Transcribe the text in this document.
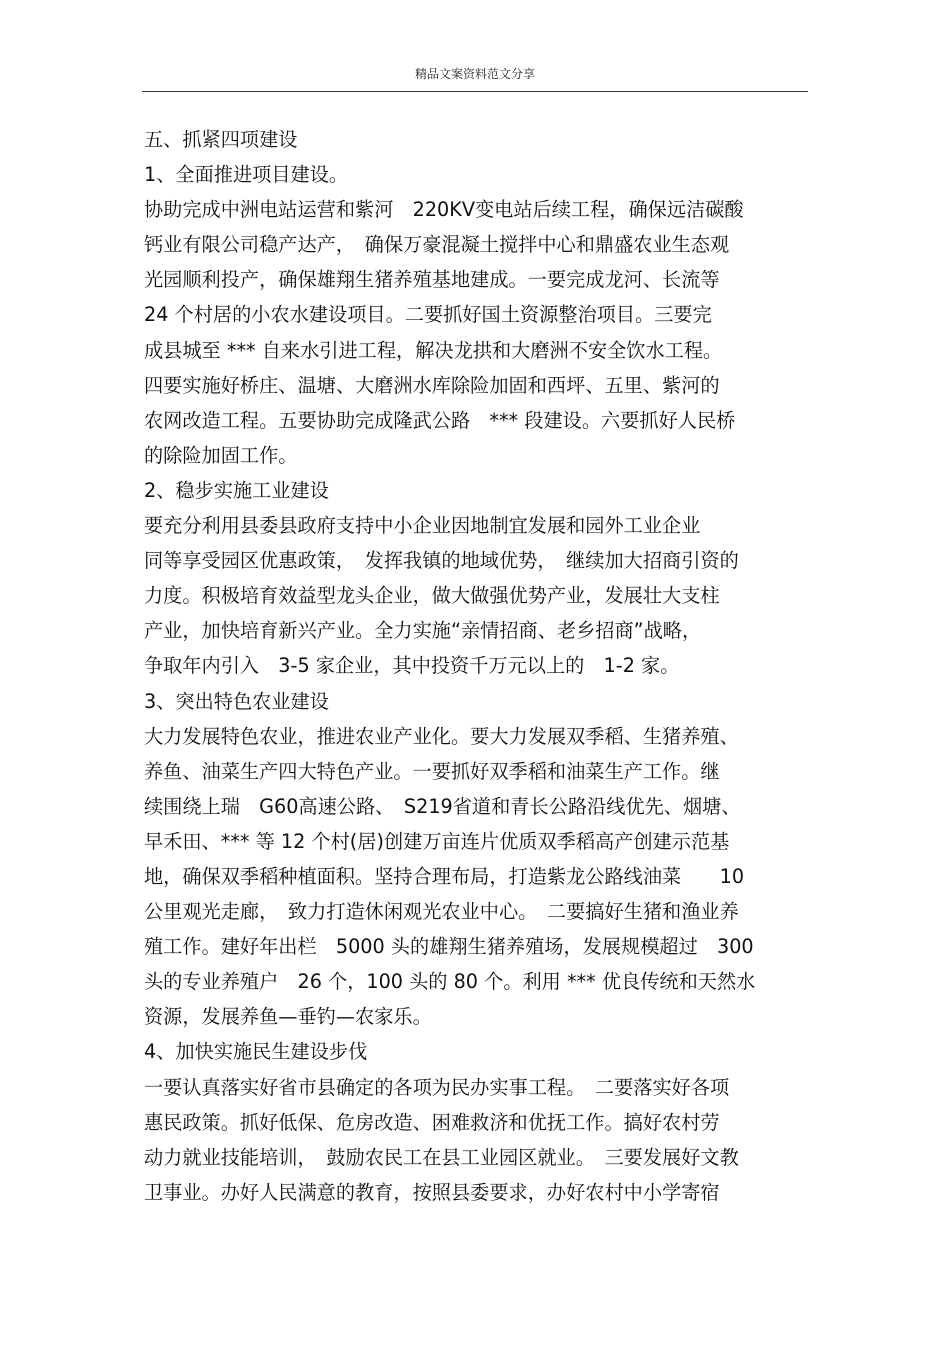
精品文案资料范文分享
五、抓紧四项建设
1、全面推进项目建设。
协助完成中洲电站运营和紫河　220KV变电站后续工程，确保远洁碳酸
钙业有限公司稳产达产，　确保万豪混凝土搅拌中心和鼎盛农业生态观
光园顺利投产，确保雄翔生猪养殖基地建成。一要完成龙河、长流等
24 个村居的小农水建设项目。二要抓好国土资源整治项目。三要完
成县城至 *** 自来水引进工程，解决龙拱和大磨洲不安全饮水工程。
四要实施好桥庄、温塘、大磨洲水库除险加固和西坪、五里、紫河的
农网改造工程。五要协助完成隆武公路　*** 段建设。六要抓好人民桥
的除险加固工作。
2、稳步实施工业建设
要充分利用县委县政府支持中小企业因地制宜发展和园外工业企业
同等享受园区优惠政策，　发挥我镇的地域优势，　继续加大招商引资的
力度。积极培育效益型龙头企业，做大做强优势产业，发展壮大支柱
产业，加快培育新兴产业。全力实施“亲情招商、老乡招商”战略，
争取年内引入　3-5 家企业，其中投资千万元以上的　1-2 家。
3、突出特色农业建设
大力发展特色农业，推进农业产业化。要大力发展双季稻、生猪养殖、
养鱼、油菜生产四大特色产业。一要抓好双季稻和油菜生产工作。继
续围绕上瑞　G60高速公路、　S219省道和青长公路沿线优先、烟塘、
早禾田、*** 等 12 个村(居)创建万亩连片优质双季稻高产创建示范基
地，确保双季稻种植面积。坚持合理布局，打造紫龙公路线油菜　　10
公里观光走廊，　致力打造休闲观光农业中心。　二要搞好生猪和渔业养
殖工作。建好年出栏　5000 头的雄翔生猪养殖场，发展规模超过　300
头的专业养殖户　26 个，100 头的 80 个。利用 *** 优良传统和天然水
资源，发展养鱼—垂钓—农家乐。
4、加快实施民生建设步伐
一要认真落实好省市县确定的各项为民办实事工程。　二要落实好各项
惠民政策。抓好低保、危房改造、困难救济和优抚工作。搞好农村劳
动力就业技能培训，　鼓励农民工在县工业园区就业。　三要发展好文教
卫事业。办好人民满意的教育，按照县委要求，办好农村中小学寄宿
